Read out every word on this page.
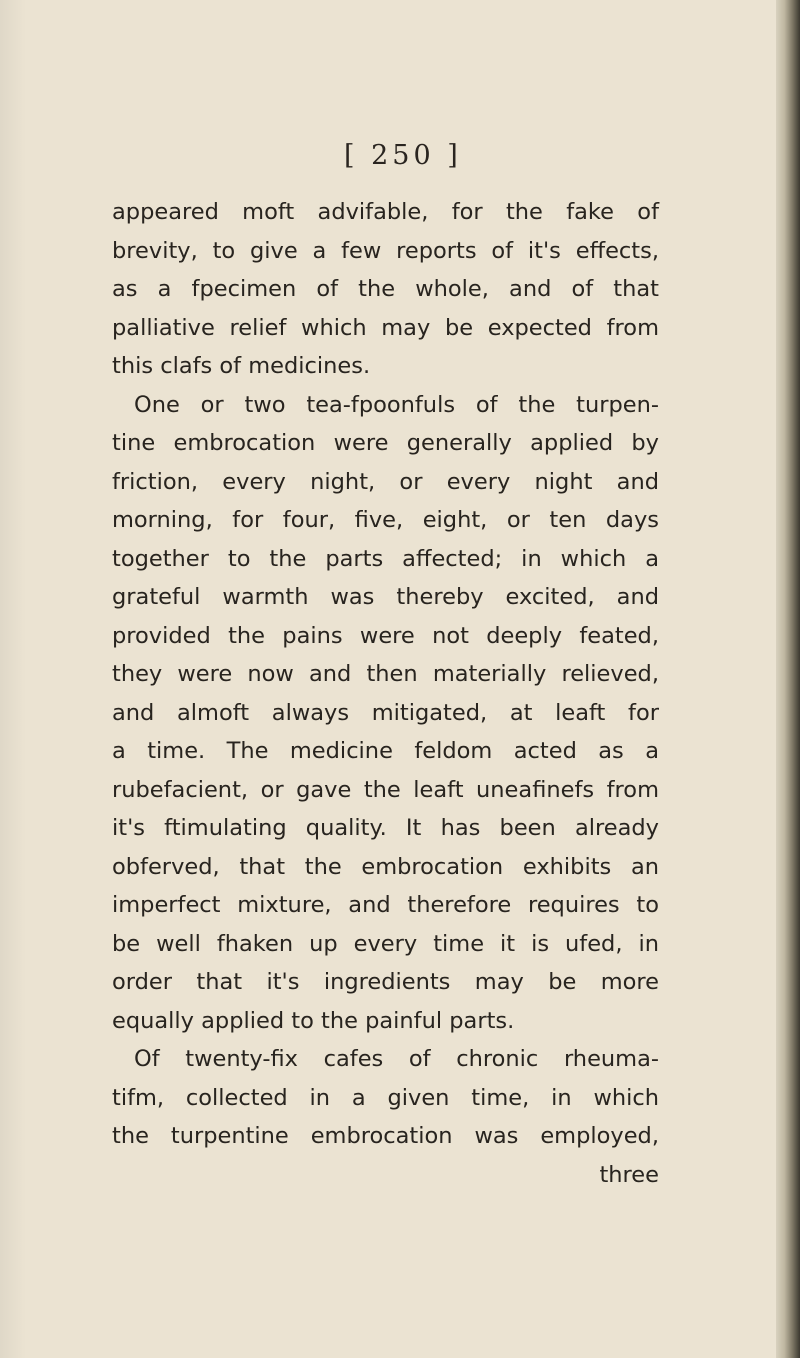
[ 250 ]

appeared moft advifable, for the fake of
brevity, to give a few reports of it's effects,
as a fpecimen of the whole, and of that
palliative relief which may be expected from
this clafs of medicines.
One or two tea-fpoonfuls of the turpen-
tine embrocation were generally applied by
friction, every night, or every night and
morning, for four, five, eight, or ten days
together to the parts affected; in which a
grateful warmth was thereby excited, and
provided the pains were not deeply feated,
they were now and then materially relieved,
and almoft always mitigated, at leaft for
a time. The medicine feldom acted as a
rubefacient, or gave the leaft uneafinefs from
it's ftimulating quality. It has been already
obferved, that the embrocation exhibits an
imperfect mixture, and therefore requires to
be well fhaken up every time it is ufed, in
order that it's ingredients may be more
equally applied to the painful parts.
Of twenty-fix cafes of chronic rheuma-
tifm, collected in a given time, in which
the turpentine embrocation was employed,
three
